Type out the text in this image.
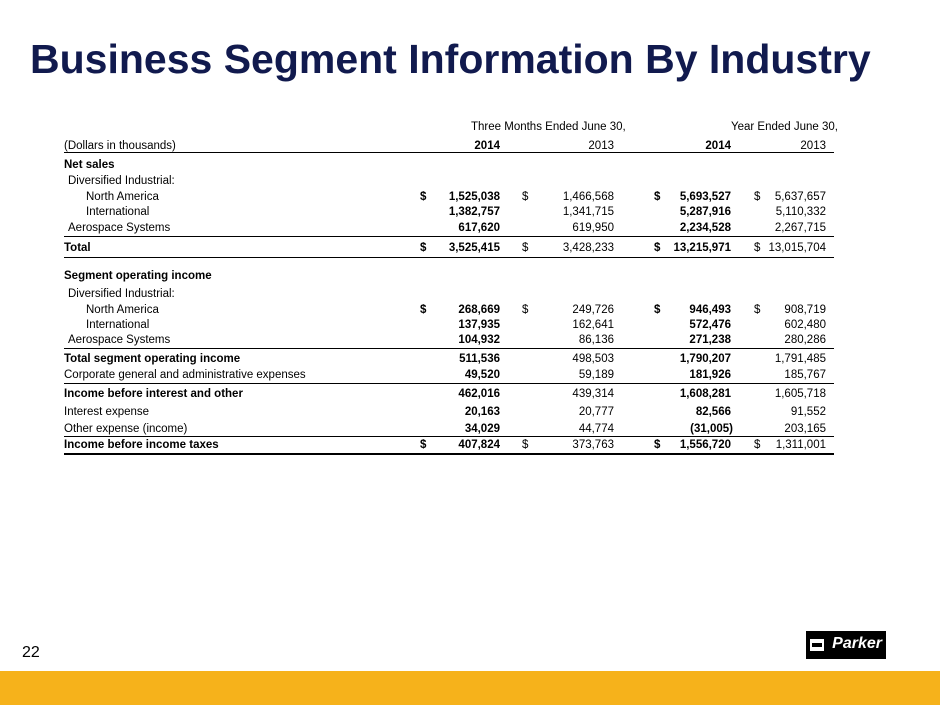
Business Segment Information By Industry
Three Months Ended June 30,	Year Ended June 30,
(Dollars in thousands)	2014	2013	2014	2013
Net sales
Diversified Industrial:
North America	$	1,525,038 $	1,466,568	$	5,693,527 $	5,637,657
International	1,382,757	1,341,715	5,287,916	5,110,332
Aerospace Systems	617,620	619,950	2,234,528	2,267,715
Total	$	3,525,415 $	3,428,233	$	13,215,971 $ 13,015,704
Segment operating income
Diversified Industrial:
North America	$	268,669 $	249,726	$	946,493 $	908,719
International	137,935	162,641	572,476	602,480
Aerospace Systems	104,932	86,136	271,238	280,286
Total segment operating income	511,536	498,503	1,790,207	1,791,485
Corporate general and administrative expenses	49,520	59,189	181,926	185,767
Income before interest and other	462,016	439,314	1,608,281	1,605,718
Interest expense	20,163	20,777	82,566	91,552
Other expense (income)	34,029	44,774	(31,005)	203,165
Income before income taxes	$	407,824 $	373,763	$	1,556,720 $	1,311,001
22
Parker
